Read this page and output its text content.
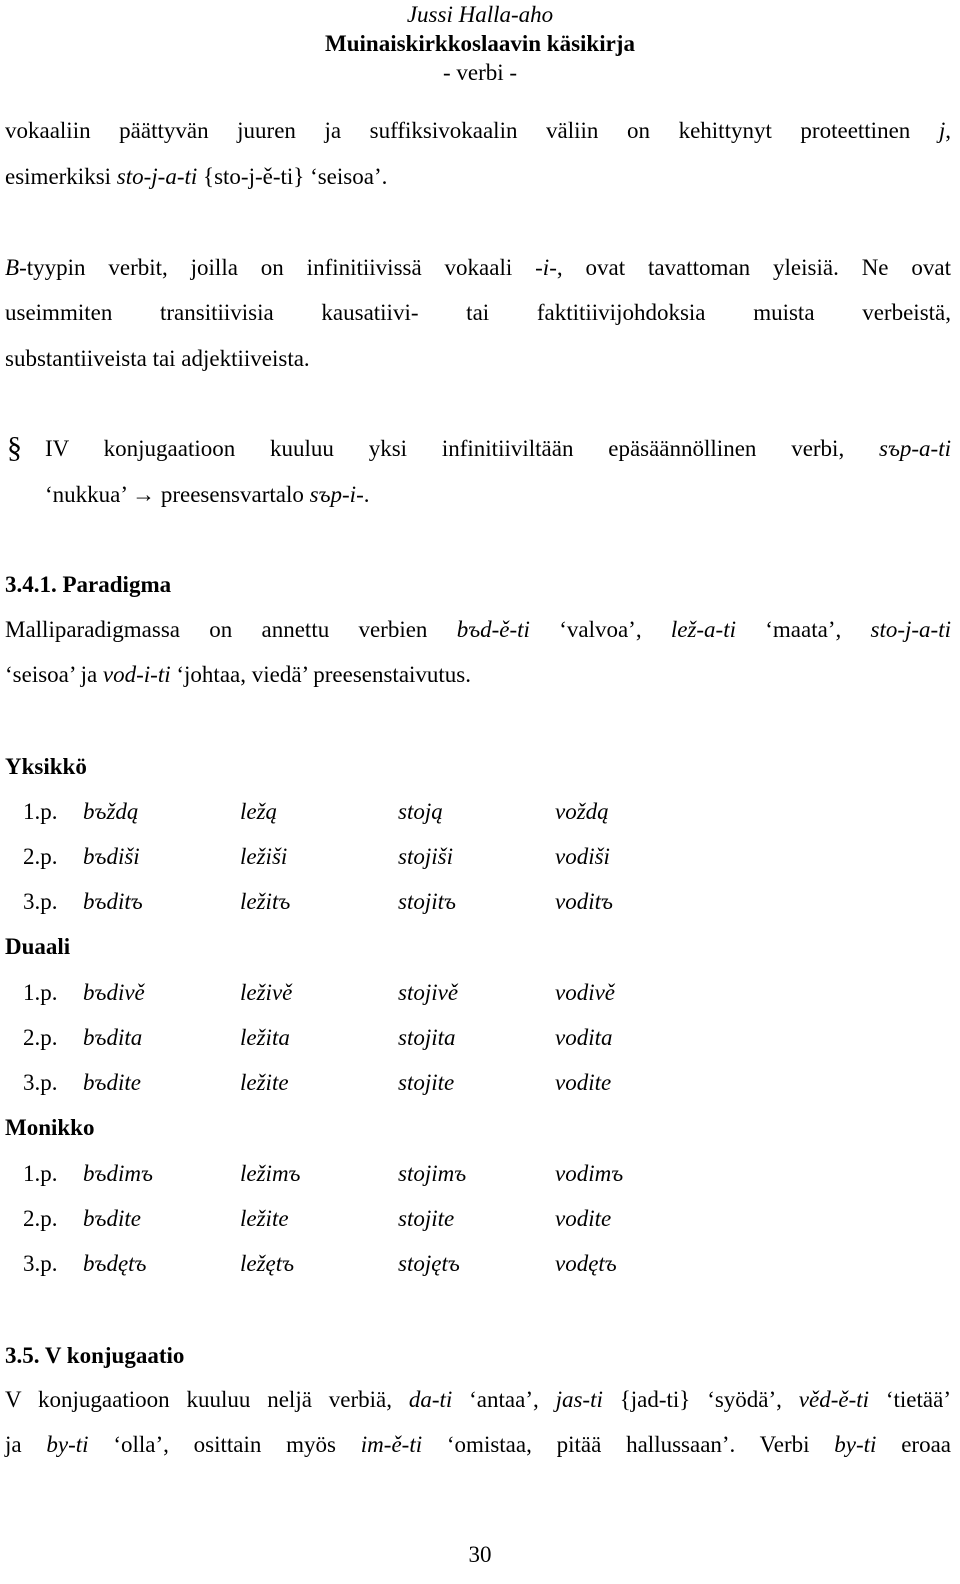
Jussi Halla-aho
Muinaiskirkkoslaavin käsikirja
- verbi -
vokaaliin päättyvän juuren ja suffiksivokaalin väliin on kehittynyt proteettinen j,
esimerkiksi sto-j-a-ti {sto-j-ě-ti} ‘seisoa’.
B-tyypin verbit, joilla on infinitiivissä vokaali -i-, ovat tavattoman yleisiä. Ne ovat
useimmiten transitiivisia kausatiivi- tai faktitiivijohdoksia muista verbeistä,
substantiiveista tai adjektiiveista.
§ IV konjugaatioon kuuluu yksi infinitiiviltään epäsäännöllinen verbi, sъp-a-ti
‘nukkua’ → preesensvartalo sъp-i-.
3.4.1. Paradigma
Malliparadigmassa on annettu verbien bъd-ě-ti ‘valvoa’, lež-a-ti ‘maata’, sto-j-a-ti
‘seisoa’ ja vod-i-ti ‘johtaa, viedä’ preesenstaivutus.
Yksikkö
1.p. bъždą	ležą	stoją	voždą
2.p. bъdiši	ležiši	stojiši	vodiši
3.p. bъditъ	ležitъ	stojitъ	voditъ
Duaali
1.p. bъdivě	leživě	stojivě	vodivě
2.p. bъdita	ležita	stojita	vodita
3.p. bъdite	ležite	stojite	vodite
Monikko
1.p. bъdimъ	ležimъ	stojimъ	vodimъ
2.p. bъdite	ležite	stojite	vodite
3.p. bъdętъ	ležętъ	stojętъ	vodętъ
3.5. V konjugaatio
V konjugaatioon kuuluu neljä verbiä, da-ti ‘antaa’, jas-ti {jad-ti} ‘syödä’, věd-ě-ti ‘tietää’
ja by-ti ‘olla’, osittain myös im-ě-ti ‘omistaa, pitää hallussaan’. Verbi by-ti eroaa
30
